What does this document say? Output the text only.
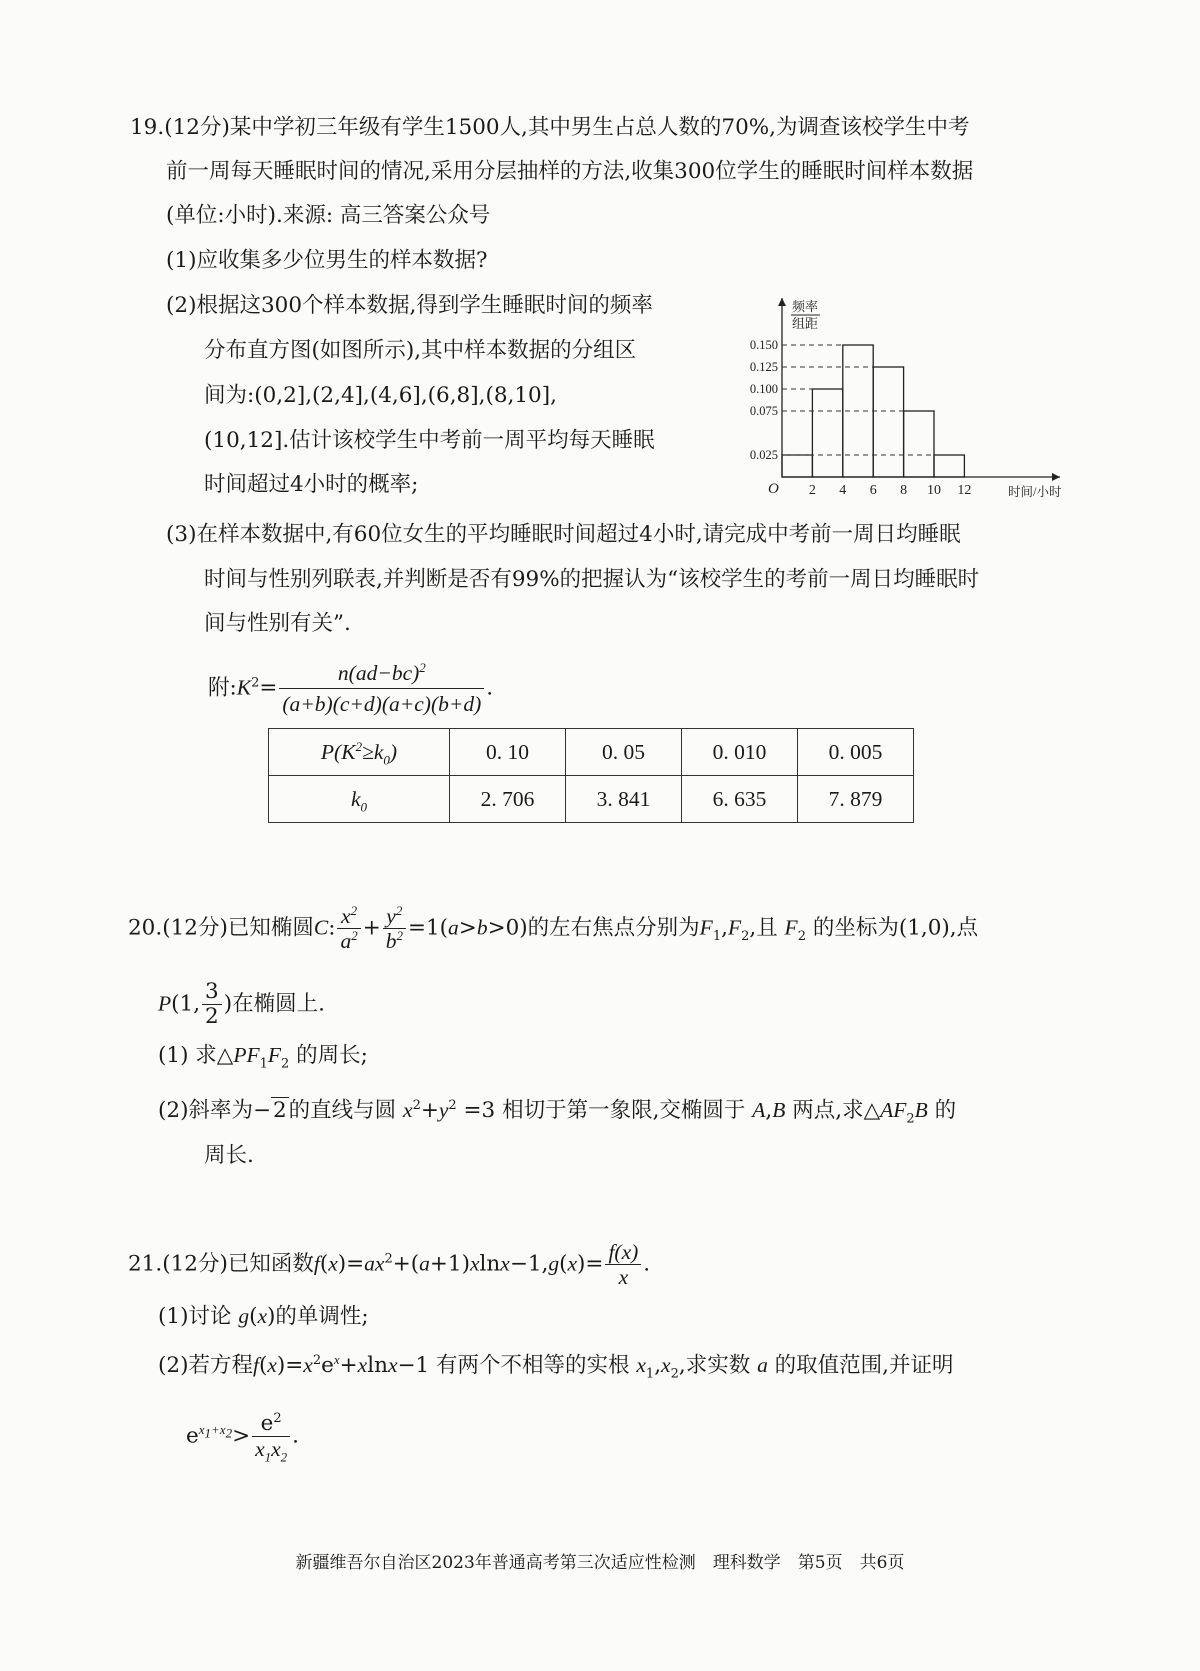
19.(12分)某中学初三年级有学生1500人,其中男生占总人数的70%,为调查该校学生中考
前一周每天睡眠时间的情况,采用分层抽样的方法,收集300位学生的睡眠时间样本数据
(单位:小时).来源: 高三答案公众号
(1)应收集多少位男生的样本数据?
(2)根据这300个样本数据,得到学生睡眠时间的频率
分布直方图(如图所示),其中样本数据的分组区
间为:(0,2],(2,4],(4,6],(6,8],(8,10],
(10,12].估计该校学生中考前一周平均每天睡眠
时间超过4小时的概率;
0.150
0.125
0.100
0.075
0.025
2 4 6 8 10 12
O	时间/小时
频率
组距
(3)在样本数据中,有60位女生的平均睡眠时间超过4小时,请完成中考前一周日均睡眠
时间与性别列联表,并判断是否有99%的把握认为“该校学生的考前一周日均睡眠时
间与性别有关”.
附$:K^2= \frac{n(ad-bc)^2}{(a+b)(c+d)(a+c)(b+d)}$ .
$P(K^2\ge k_0)$	0. 10	0. 05	0. 010	0. 005
$k_0$	2. 706	3. 841	6. 635	7. 879
20.(12分)已知椭圆C: $\frac{x^2}{a^2} + \frac{y^2}{b^2} =1(a>b>0)$的左右焦点分别为$F_1,F_2$,且 $F_2$ 的坐标为(1,0),点
P(1, $\frac{3}{2}$ )在椭圆上.
(1) 求$\triangle PF_1F_2$ 的周长;
(2)斜率为−2的直线与圆 $x^2+y^2 =3$ 相切于第一象限,交椭圆于 A,B 两点,求$\triangle AF_2B$ 的
周长.
21.(12分)已知函数$f(x)=ax^2+(a+1)xlnx-1,g(x)= \frac{f(x)}{x}$ .
(1)讨论 g(x)的单调性;
(2)若方程$f(x)=x^2e^x+xlnx-1$ 有两个不相等的实根 $x_1,x_2$,求实数 a 的取值范围,并证明
$e^{x_1+x_2}> \frac{e^2}{x_1x_2}$ .
新疆维吾尔自治区2023年普通高考第三次适应性检测　理科数学　第5页　共6页
